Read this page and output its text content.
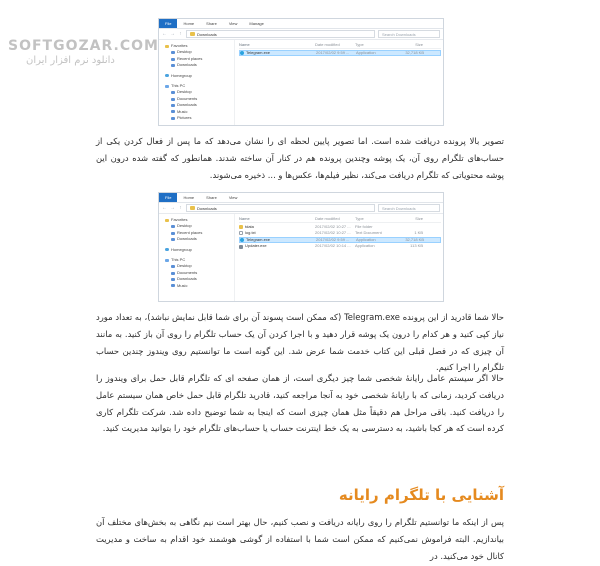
SOFTGOZAR.COM
دانلود نرم افزار ایران
File	Home	Share	View	Manage
← → ↑	Downloads	Search Downloads
Favorites
Desktop
Recent places
Downloads
Homegroup
This PC
Desktop
Documents
Downloads
Music
Pictures
Name	Date modified	Type	Size
Telegram.exe	2017/02/02 9:59 ...	Application	32,718 KB

تصویر بالا پرونده دریافت شده است. اما تصویر پایین لحظه ای را نشان می‌دهد که ما پس از فعال کردن یکی از حساب‌های تلگرام روی آن، یک پوشه وچندین پرونده هم در کنار آن ساخته شدند. همانطور که گفته شده درون این پوشه محتویاتی که تلگرام دریافت می‌کند، نظیر فیلم‌ها، عکس‌ها و ... ذخیره می‌شوند.

File	Home	Share	View
← → ↑	Downloads	Search Downloads
Favorites
Desktop
Recent places
Downloads
Homegroup
This PC
Desktop
Documents
Downloads
Music
Name	Date modified	Type	Size
tdata	2017/02/02 10:27 ...	File folder
log.txt	2017/02/02 10:27 ...	Text Document	1 KB
Telegram.exe	2017/02/02 9:59 ...	Application	32,718 KB
Updater.exe	2017/02/02 10:14 ...	Application	113 KB

حالا شما قادرید از این پرونده Telegram.exe (که ممکن است پسوند آن برای شما قابل نمایش نباشد)، به تعداد مورد نیاز کپی کنید و هر کدام را درون یک پوشه قرار دهید و با اجرا کردن آن یک حساب تلگرام را روی آن باز کنید. به مانند آن چیزی که در فصل قبلی این کتاب خدمت شما عرض شد. این گونه است ما توانستیم روی ویندوز چندین حساب تلگرام را اجرا کنیم.

حالا اگر سیستم عامل رایانهٔ شخصی شما چیز دیگری است، از همان صفحه ای که تلگرام قابل حمل برای ویندوز را دریافت کردید، زمانی که با رایانهٔ شخصی خود به آنجا مراجعه کنید، قادرید تلگرام قابل حمل خاص همان سیستم عامل را دریافت کنید. باقی مراحل هم دقیقاً مثل همان چیزی است که اینجا به شما توضیح داده شد. شرکت تلگرام کاری کرده است که هر کجا باشید، به دسترسی به یک خط اینترنت حساب یا حساب‌های تلگرام خود را بتوانید مدیریت کنید.

آشنایی با تلگرام رایانه

پس از اینکه ما توانستیم تلگرام را روی رایانه دریافت و نصب کنیم، حال بهتر است نیم نگاهی به بخش‌های مختلف آن بیاندازیم. البته فراموش نمی‌کنیم که ممکن است شما با استفاده از گوشی هوشمند خود اقدام به ساخت و مدیریت کانال خود می‌کنید. در
